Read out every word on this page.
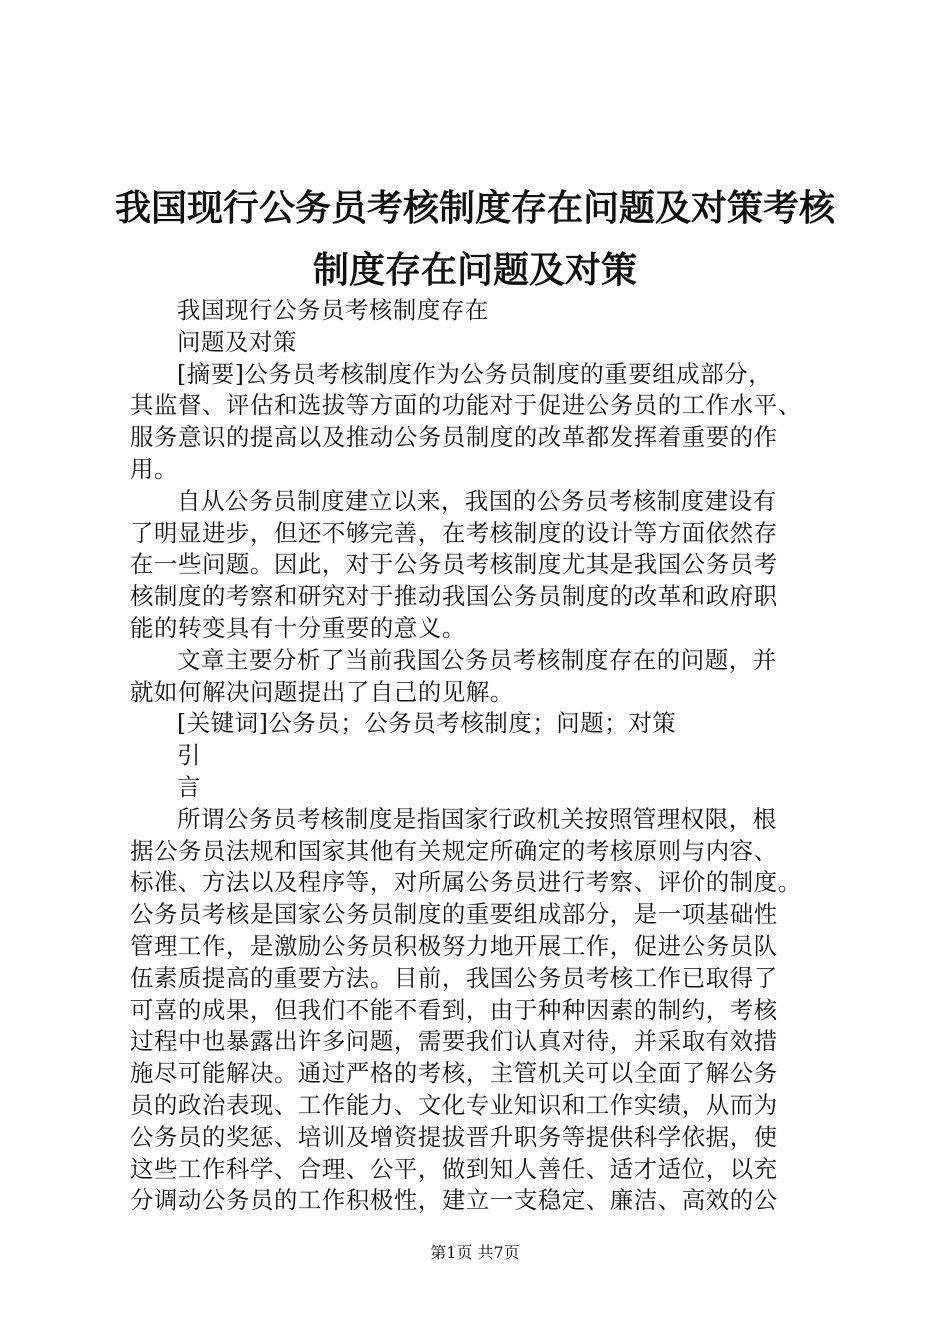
我国现行公务员考核制度存在问题及对策考核
制度存在问题及对策
我国现行公务员考核制度存在
问题及对策
[摘要]公务员考核制度作为公务员制度的重要组成部分，
其监督、评估和选拔等方面的功能对于促进公务员的工作水平、
服务意识的提高以及推动公务员制度的改革都发挥着重要的作
用。
自从公务员制度建立以来，我国的公务员考核制度建设有
了明显进步，但还不够完善，在考核制度的设计等方面依然存
在一些问题。因此，对于公务员考核制度尤其是我国公务员考
核制度的考察和研究对于推动我国公务员制度的改革和政府职
能的转变具有十分重要的意义。
文章主要分析了当前我国公务员考核制度存在的问题，并
就如何解决问题提出了自己的见解。
[关键词]公务员；公务员考核制度；问题；对策
引
言
所谓公务员考核制度是指国家行政机关按照管理权限，根
据公务员法规和国家其他有关规定所确定的考核原则与内容、
标准、方法以及程序等，对所属公务员进行考察、评价的制度。
公务员考核是国家公务员制度的重要组成部分，是一项基础性
管理工作，是激励公务员积极努力地开展工作，促进公务员队
伍素质提高的重要方法。目前，我国公务员考核工作已取得了
可喜的成果，但我们不能不看到，由于种种因素的制约，考核
过程中也暴露出许多问题，需要我们认真对待，并采取有效措
施尽可能解决。通过严格的考核，主管机关可以全面了解公务
员的政治表现、工作能力、文化专业知识和工作实绩，从而为
公务员的奖惩、培训及增资提拔晋升职务等提供科学依据，使
这些工作科学、合理、公平，做到知人善任、适才适位，以充
分调动公务员的工作积极性，建立一支稳定、廉洁、高效的公
第1页 共7页
